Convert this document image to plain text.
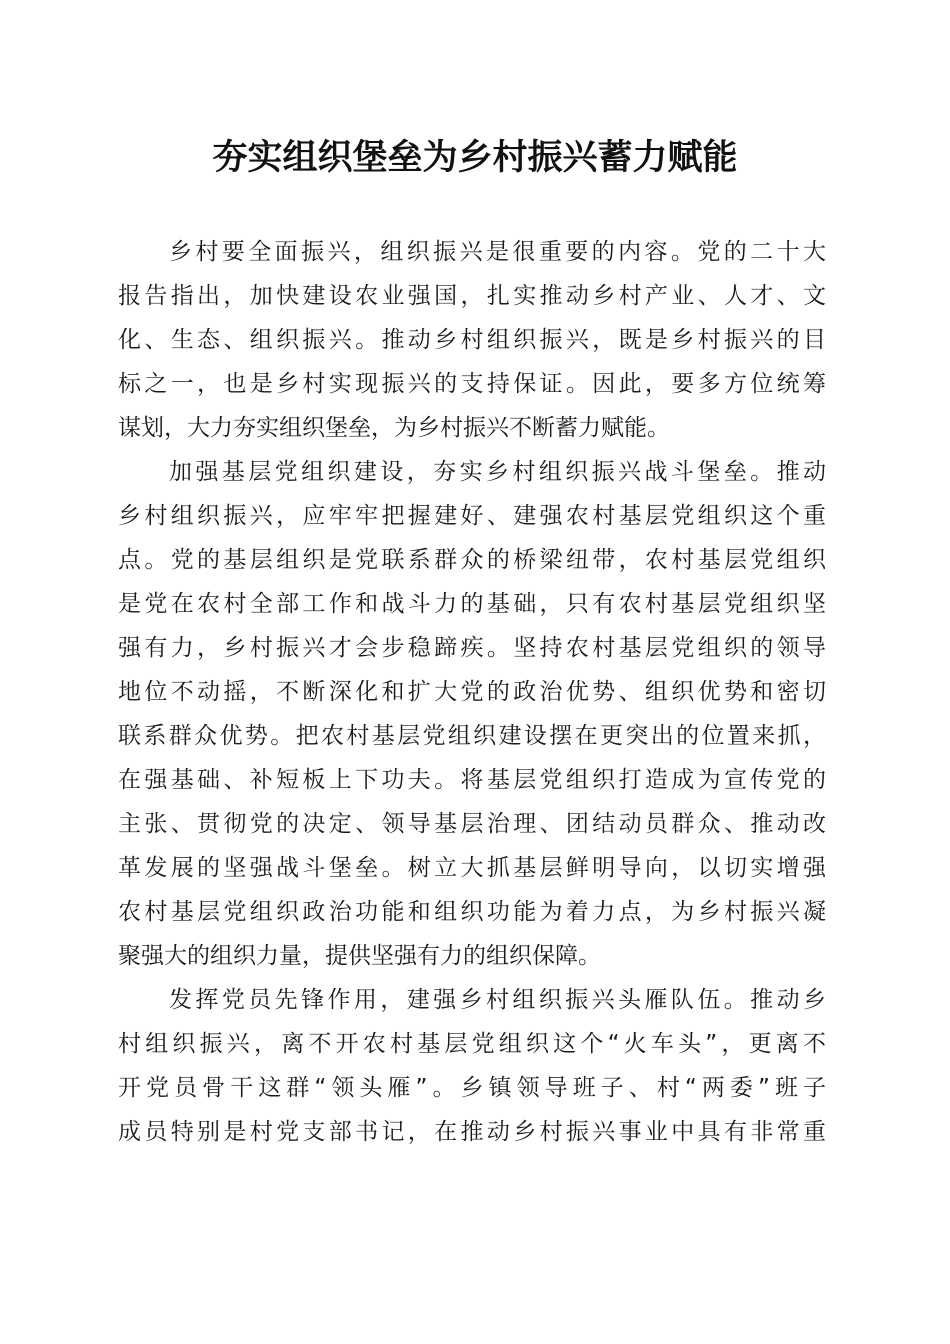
夯实组织堡垒为乡村振兴蓄力赋能
乡村要全面振兴，组织振兴是很重要的内容。党的二十大
报告指出，加快建设农业强国，扎实推动乡村产业、人才、文
化、生态、组织振兴。推动乡村组织振兴，既是乡村振兴的目
标之一，也是乡村实现振兴的支持保证。因此，要多方位统筹
谋划，大力夯实组织堡垒，为乡村振兴不断蓄力赋能。
加强基层党组织建设，夯实乡村组织振兴战斗堡垒。推动
乡村组织振兴，应牢牢把握建好、建强农村基层党组织这个重
点。党的基层组织是党联系群众的桥梁纽带，农村基层党组织
是党在农村全部工作和战斗力的基础，只有农村基层党组织坚
强有力，乡村振兴才会步稳蹄疾。坚持农村基层党组织的领导
地位不动摇，不断深化和扩大党的政治优势、组织优势和密切
联系群众优势。把农村基层党组织建设摆在更突出的位置来抓，
在强基础、补短板上下功夫。将基层党组织打造成为宣传党的
主张、贯彻党的决定、领导基层治理、团结动员群众、推动改
革发展的坚强战斗堡垒。树立大抓基层鲜明导向，以切实增强
农村基层党组织政治功能和组织功能为着力点，为乡村振兴凝
聚强大的组织力量，提供坚强有力的组织保障。
发挥党员先锋作用，建强乡村组织振兴头雁队伍。推动乡
村组织振兴，离不开农村基层党组织这个“火车头”，更离不
开党员骨干这群“领头雁”。乡镇领导班子、村“两委”班子
成员特别是村党支部书记，在推动乡村振兴事业中具有非常重
